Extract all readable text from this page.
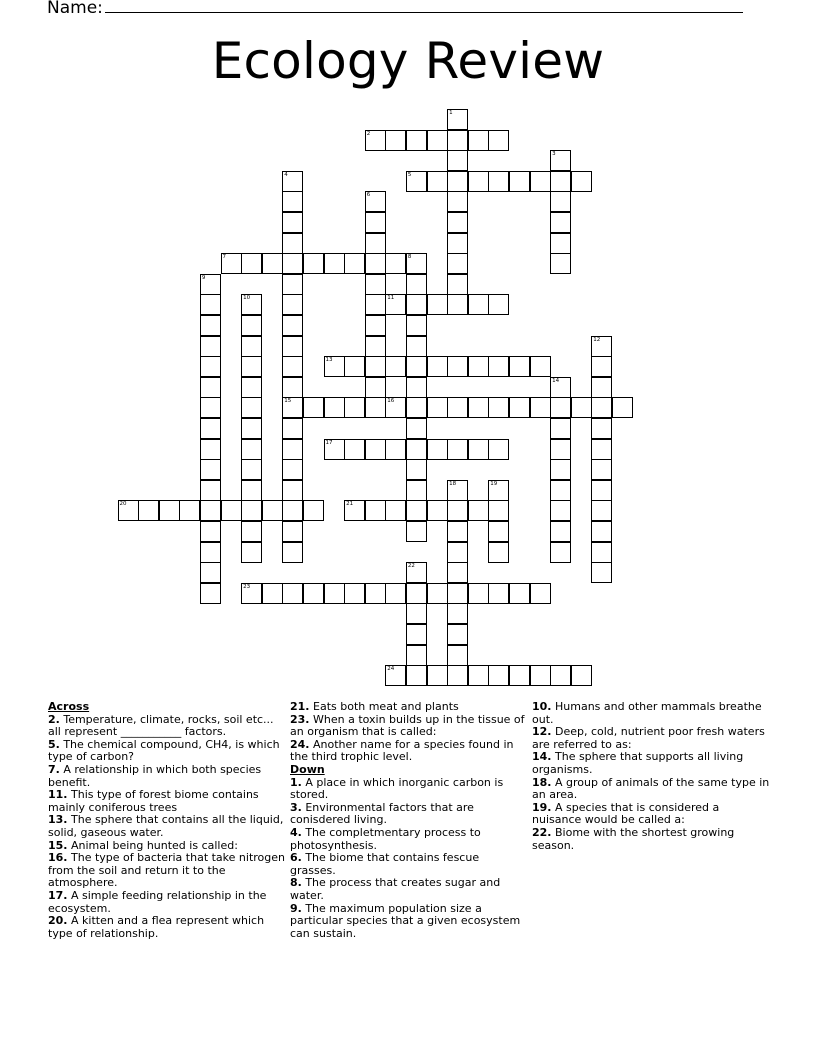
Name:
Ecology Review
1
2
3
4
15
5
6
7	8
9
10	11
12
13
14
16
17
18	19
20	21
22
23
24

Across

2. Temperature, climate, rocks, soil etc... all represent ___________ factors.

5. The chemical compound, CH4, is which type of carbon?

7. A relationship in which both species benefit.

11. This type of forest biome contains mainly coniferous trees

13. The sphere that contains all the liquid, solid, gaseous water.

15. Animal being hunted is called:

16. The type of bacteria that take nitrogen from the soil and return it to the atmosphere.

17. A simple feeding relationship in the ecosystem.

20. A kitten and a flea represent which type of relationship.

21. Eats both meat and plants

23. When a toxin builds up in the tissue of an organism that is called:

24. Another name for a species found in the third trophic level.

Down

1. A place in which inorganic carbon is stored.

3. Environmental factors that are conisdered living.

4. The completmentary process to photosynthesis.

6. The biome that contains fescue grasses.

8. The process that creates sugar and water.

9. The maximum population size a particular species that a given ecosystem can sustain.

10. Humans and other mammals breathe out.

12. Deep, cold, nutrient poor fresh waters are referred to as:

14. The sphere that supports all living organisms.

18. A group of animals of the same type in an area.

19. A species that is considered a nuisance would be called a:

22. Biome with the shortest growing season.
